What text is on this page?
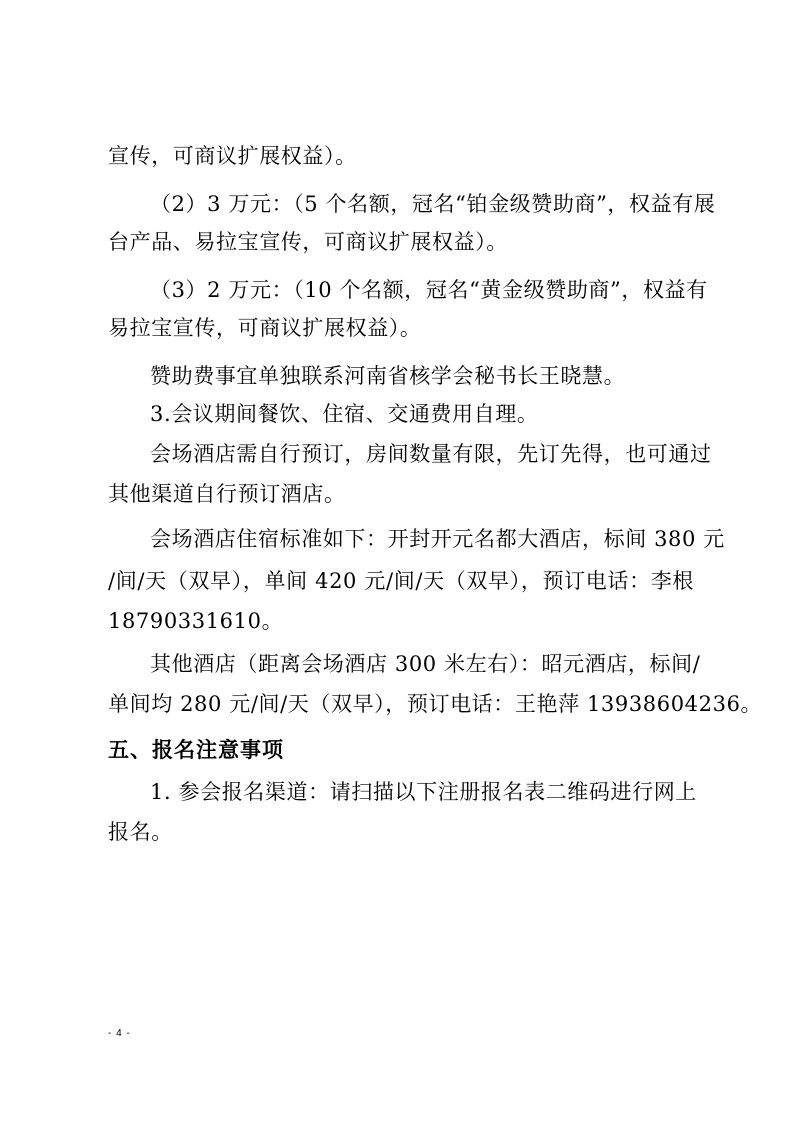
宣传，可商议扩展权益）。
（2）3 万元：（5 个名额，冠名“铂金级赞助商”，权益有展
台产品、易拉宝宣传，可商议扩展权益）。
（3）2 万元：（10 个名额，冠名“黄金级赞助商”，权益有
易拉宝宣传，可商议扩展权益）。
赞助费事宜单独联系河南省核学会秘书长王晓慧。
3.会议期间餐饮、住宿、交通费用自理。
会场酒店需自行预订，房间数量有限，先订先得，也可通过
其他渠道自行预订酒店。
会场酒店住宿标准如下：开封开元名都大酒店，标间 380 元
/间/天（双早），单间 420 元/间/天（双早），预订电话：李根
18790331610。
其他酒店（距离会场酒店 300 米左右）：昭元酒店，标间/
单间均 280 元/间/天（双早），预订电话：王艳萍 13938604236。
五、报名注意事项
1. 参会报名渠道：请扫描以下注册报名表二维码进行网上
报名。
- 4 -
